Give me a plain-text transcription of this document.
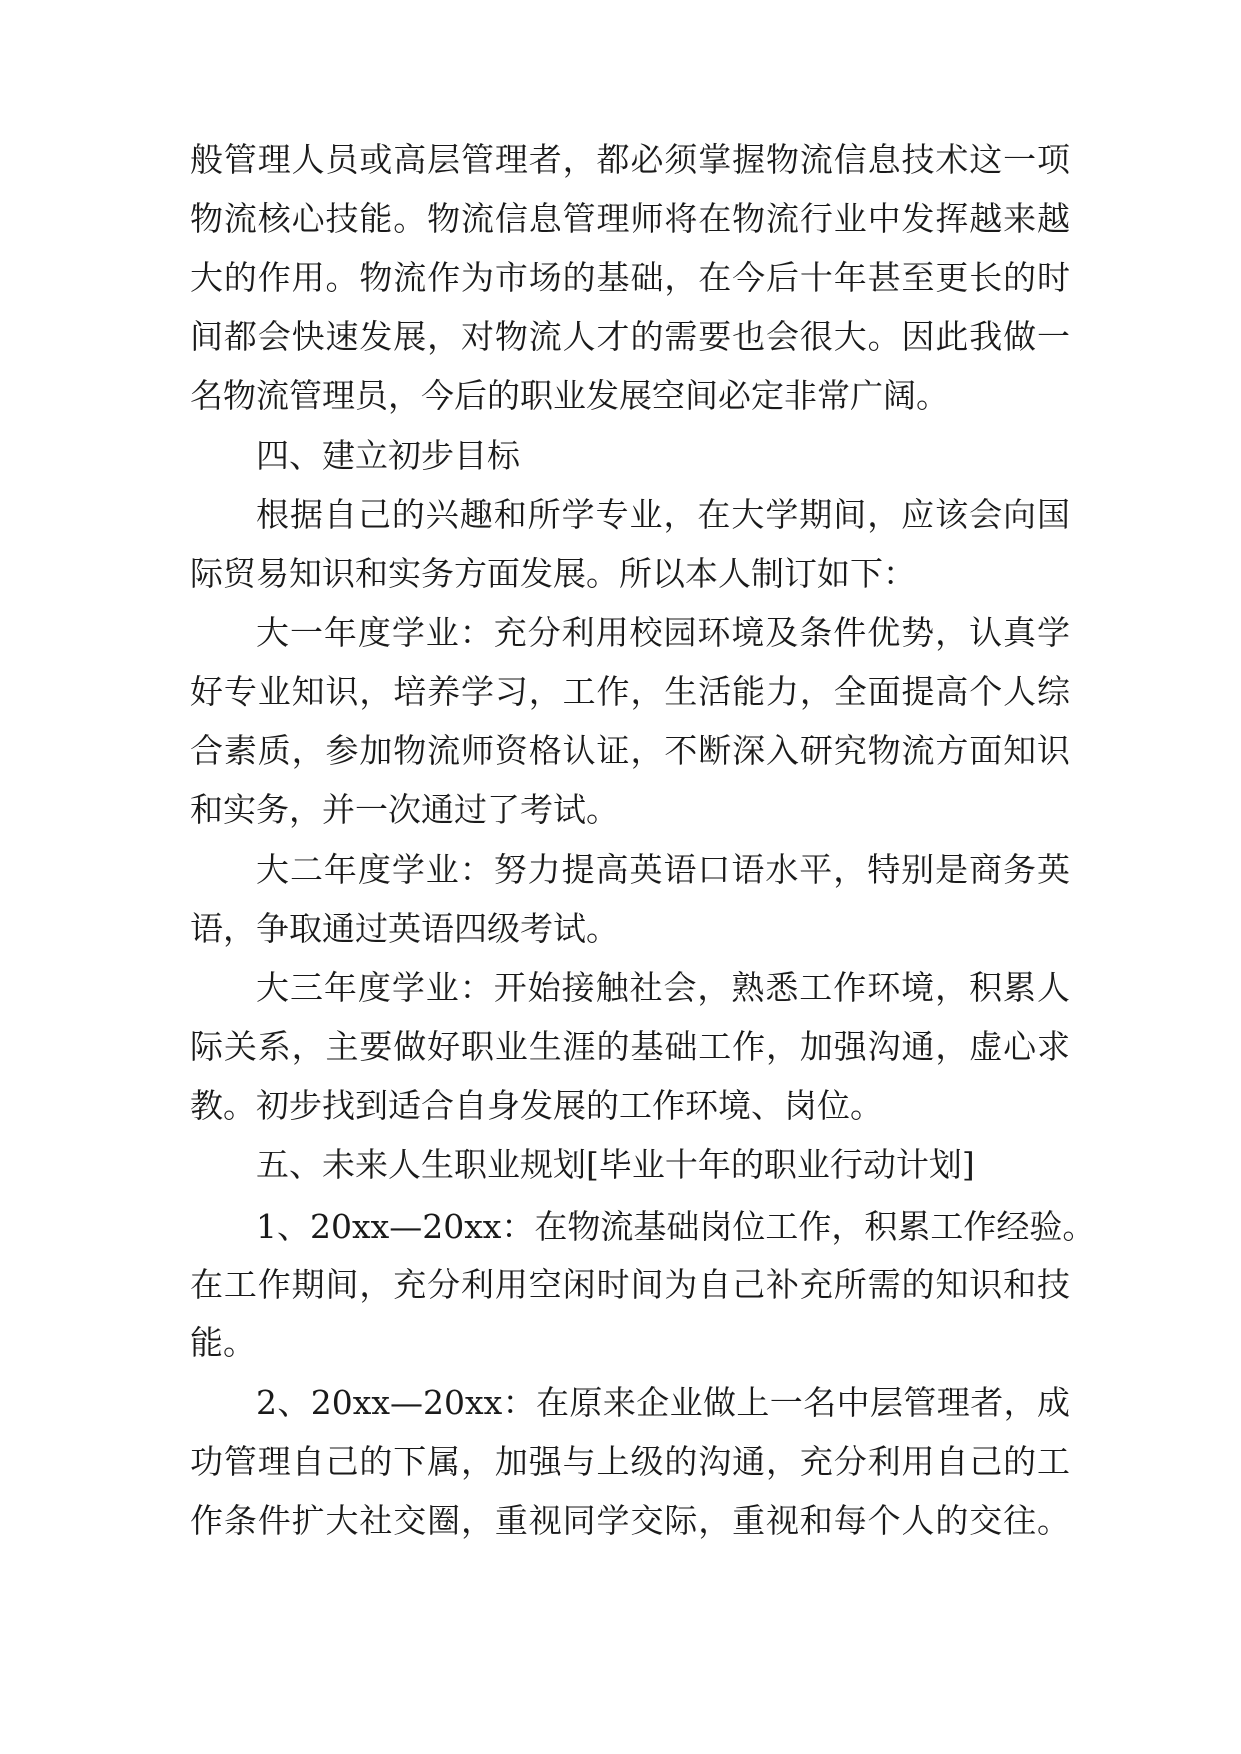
般管理人员或高层管理者，都必须掌握物流信息技术这一项
物流核心技能。物流信息管理师将在物流行业中发挥越来越
大的作用。物流作为市场的基础，在今后十年甚至更长的时
间都会快速发展，对物流人才的需要也会很大。因此我做一
名物流管理员，今后的职业发展空间必定非常广阔。
四、建立初步目标
根据自己的兴趣和所学专业，在大学期间，应该会向国
际贸易知识和实务方面发展。所以本人制订如下：
大一年度学业：充分利用校园环境及条件优势，认真学
好专业知识，培养学习，工作，生活能力，全面提高个人综
合素质，参加物流师资格认证，不断深入研究物流方面知识
和实务，并一次通过了考试。
大二年度学业：努力提高英语口语水平，特别是商务英
语，争取通过英语四级考试。
大三年度学业：开始接触社会，熟悉工作环境，积累人
际关系，主要做好职业生涯的基础工作，加强沟通，虚心求
教。初步找到适合自身发展的工作环境、岗位。
五、未来人生职业规划[毕业十年的职业行动计划]
1、20xx—20xx：在物流基础岗位工作，积累工作经验。
在工作期间，充分利用空闲时间为自己补充所需的知识和技
能。
2、20xx—20xx：在原来企业做上一名中层管理者，成
功管理自己的下属，加强与上级的沟通，充分利用自己的工
作条件扩大社交圈，重视同学交际，重视和每个人的交往。
